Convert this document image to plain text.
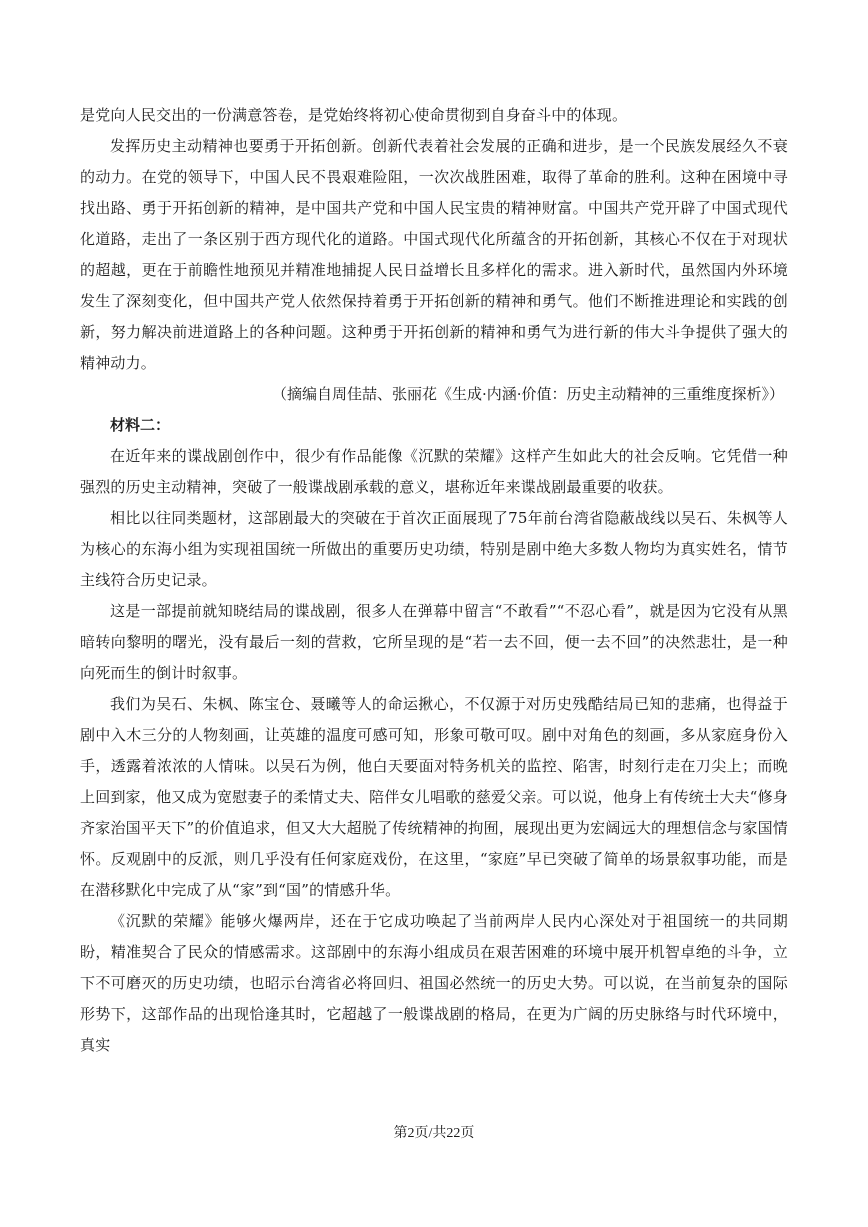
是党向人民交出的一份满意答卷，是党始终将初心使命贯彻到自身奋斗中的体现。

发挥历史主动精神也要勇于开拓创新。创新代表着社会发展的正确和进步，是一个民族发展经久不衰的动力。在党的领导下，中国人民不畏艰难险阻，一次次战胜困难，取得了革命的胜利。这种在困境中寻找出路、勇于开拓创新的精神，是中国共产党和中国人民宝贵的精神财富。中国共产党开辟了中国式现代化道路，走出了一条区别于西方现代化的道路。中国式现代化所蕴含的开拓创新，其核心不仅在于对现状的超越，更在于前瞻性地预见并精准地捕捉人民日益增长且多样化的需求。进入新时代，虽然国内外环境发生了深刻变化，但中国共产党人依然保持着勇于开拓创新的精神和勇气。他们不断推进理论和实践的创新，努力解决前进道路上的各种问题。这种勇于开拓创新的精神和勇气为进行新的伟大斗争提供了强大的精神动力。

（摘编自周佳喆、张丽花《生成·内涵·价值：历史主动精神的三重维度探析》）

材料二：

在近年来的谍战剧创作中，很少有作品能像《沉默的荣耀》这样产生如此大的社会反响。它凭借一种强烈的历史主动精神，突破了一般谍战剧承载的意义，堪称近年来谍战剧最重要的收获。

相比以往同类题材，这部剧最大的突破在于首次正面展现了75年前台湾省隐蔽战线以吴石、朱枫等人为核心的东海小组为实现祖国统一所做出的重要历史功绩，特别是剧中绝大多数人物均为真实姓名，情节主线符合历史记录。

这是一部提前就知晓结局的谍战剧，很多人在弹幕中留言“不敢看”“不忍心看”，就是因为它没有从黑暗转向黎明的曙光，没有最后一刻的营救，它所呈现的是“若一去不回，便一去不回”的决然悲壮，是一种向死而生的倒计时叙事。

我们为吴石、朱枫、陈宝仓、聂曦等人的命运揪心，不仅源于对历史残酷结局已知的悲痛，也得益于剧中入木三分的人物刻画，让英雄的温度可感可知，形象可敬可叹。剧中对角色的刻画，多从家庭身份入手，透露着浓浓的人情味。以吴石为例，他白天要面对特务机关的监控、陷害，时刻行走在刀尖上；而晚上回到家，他又成为宽慰妻子的柔情丈夫、陪伴女儿唱歌的慈爱父亲。可以说，他身上有传统士大夫“修身齐家治国平天下”的价值追求，但又大大超脱了传统精神的拘囿，展现出更为宏阔远大的理想信念与家国情怀。反观剧中的反派，则几乎没有任何家庭戏份，在这里，“家庭”早已突破了简单的场景叙事功能，而是在潜移默化中完成了从“家”到“国”的情感升华。

《沉默的荣耀》能够火爆两岸，还在于它成功唤起了当前两岸人民内心深处对于祖国统一的共同期盼，精准契合了民众的情感需求。这部剧中的东海小组成员在艰苦困难的环境中展开机智卓绝的斗争，立下不可磨灭的历史功绩，也昭示台湾省必将回归、祖国必然统一的历史大势。可以说，在当前复杂的国际形势下，这部作品的出现恰逢其时，它超越了一般谍战剧的格局，在更为广阔的历史脉络与时代环境中，真实

第2页/共22页
